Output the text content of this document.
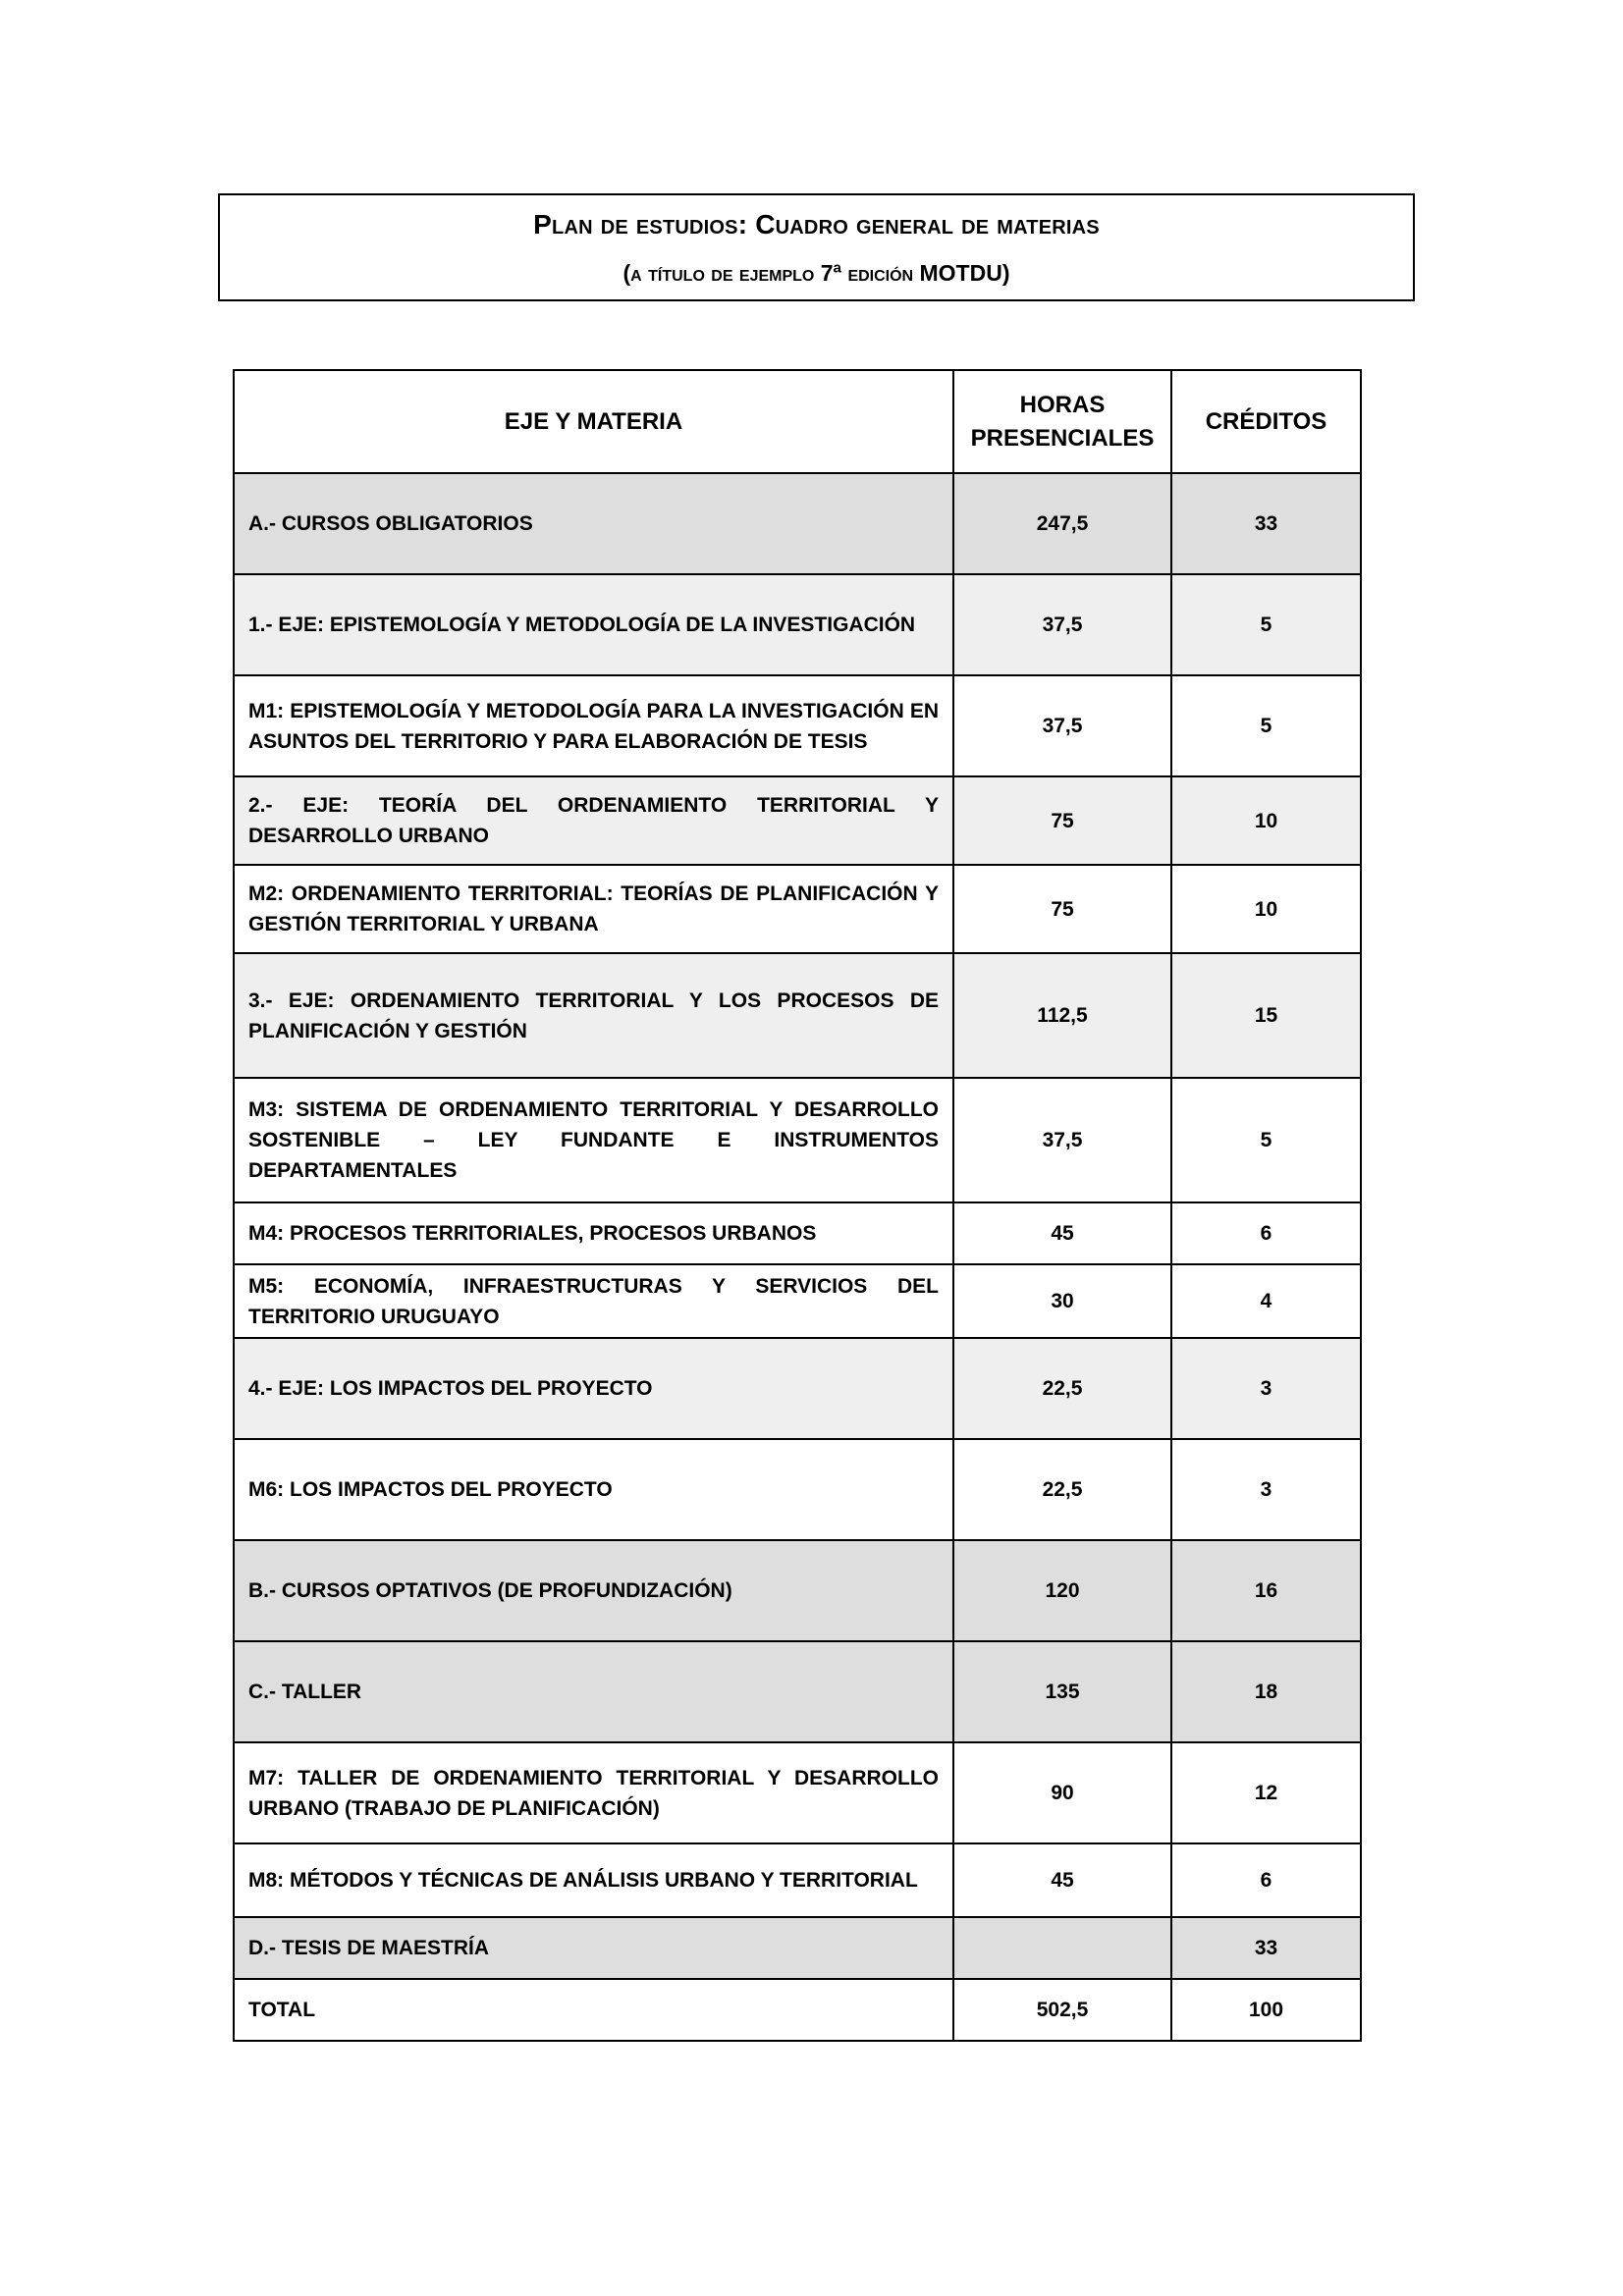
Plan de estudios: Cuadro general de materias
(a título de ejemplo 7ª edición MOTDU)
EJE Y MATERIA	HORAS PRESENCIALES	CRÉDITOS
A.- CURSOS OBLIGATORIOS	247,5	33
1.- EJE: EPISTEMOLOGÍA Y METODOLOGÍA DE LA INVESTIGACIÓN	37,5	5
M1: EPISTEMOLOGÍA Y METODOLOGÍA PARA LA INVESTIGACIÓN EN ASUNTOS DEL TERRITORIO Y PARA ELABORACIÓN DE TESIS	37,5	5
2.- EJE: TEORÍA DEL ORDENAMIENTO TERRITORIAL Y DESARROLLO URBANO	75	10
M2: ORDENAMIENTO TERRITORIAL: TEORÍAS DE PLANIFICACIÓN Y GESTIÓN TERRITORIAL Y URBANA	75	10
3.- EJE: ORDENAMIENTO TERRITORIAL Y LOS PROCESOS DE PLANIFICACIÓN Y GESTIÓN	112,5	15
M3: SISTEMA DE ORDENAMIENTO TERRITORIAL Y DESARROLLO SOSTENIBLE – LEY FUNDANTE E INSTRUMENTOS DEPARTAMENTALES	37,5	5
M4: PROCESOS TERRITORIALES, PROCESOS URBANOS	45	6
M5: ECONOMÍA, INFRAESTRUCTURAS Y SERVICIOS DEL TERRITORIO URUGUAYO	30	4
4.- EJE: LOS IMPACTOS DEL PROYECTO	22,5	3
M6: LOS IMPACTOS DEL PROYECTO	22,5	3
B.- CURSOS OPTATIVOS (DE PROFUNDIZACIÓN)	120	16
C.- TALLER	135	18
M7: TALLER DE ORDENAMIENTO TERRITORIAL Y DESARROLLO URBANO (TRABAJO DE PLANIFICACIÓN)	90	12
M8: MÉTODOS Y TÉCNICAS DE ANÁLISIS URBANO Y TERRITORIAL	45	6
D.- TESIS DE MAESTRÍA		33
TOTAL	502,5	100
